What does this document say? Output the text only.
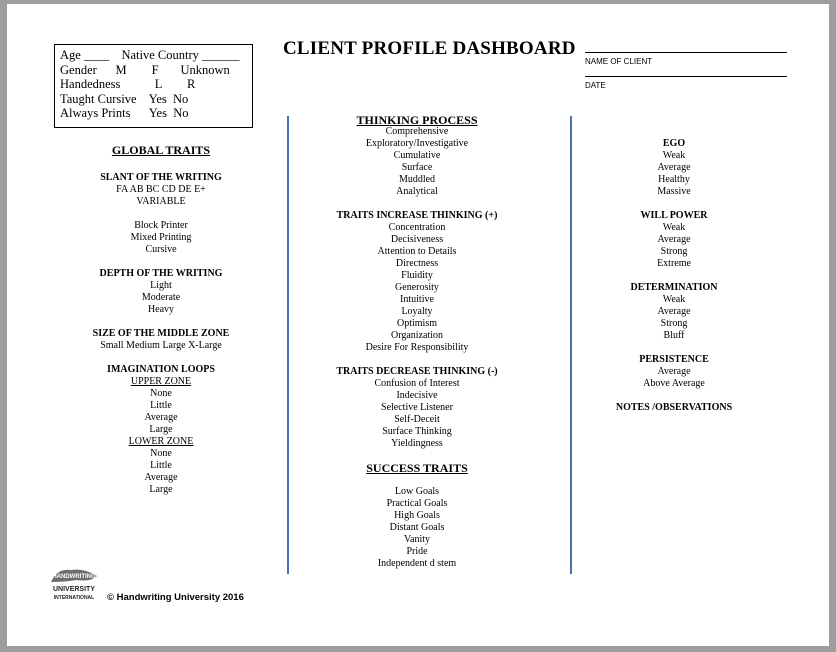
Age ____    Native Country ______
Gender      M        F       Unknown
Handedness           L        R
Taught Cursive    Yes  No
Always Prints      Yes  No
CLIENT PROFILE DASHBOARD
NAME OF CLIENT
DATE
GLOBAL TRAITS
SLANT OF THE WRITING
FA AB BC CD DE E+
VARIABLE
Block Printer
Mixed Printing
Cursive
DEPTH OF THE WRITING
Light
Moderate
Heavy
SIZE OF THE MIDDLE ZONE
Small Medium Large X-Large
IMAGINATION LOOPS
UPPER ZONE
None
Little
Average
Large
LOWER ZONE
None
Little
Average
Large
THINKING PROCESS
Comprehensive
Exploratory/Investigative
Cumulative
Surface
Muddled
Analytical
TRAITS INCREASE THINKING (+)
Concentration
Decisiveness
Attention to Details
Directness
Fluidity
Generosity
Intuitive
Loyalty
Optimism
Organization
Desire For Responsibility
TRAITS DECREASE THINKING (-)
Confusion of Interest
Indecisive
Selective Listener
Self-Deceit
Surface Thinking
Yieldingness
SUCCESS TRAITS
Low Goals
Practical Goals
High Goals
Distant Goals
Vanity
Pride
Independent d stem
EGO
Weak
Average
Healthy
Massive
WILL POWER
Weak
Average
Strong
Extreme
DETERMINATION
Weak
Average
Strong
Bluff
PERSISTENCE
Average
Above Average
NOTES /OBSERVATIONS
HANDWRITING
UNIVERSITY
INTERNATIONAL © Handwriting University 2016
